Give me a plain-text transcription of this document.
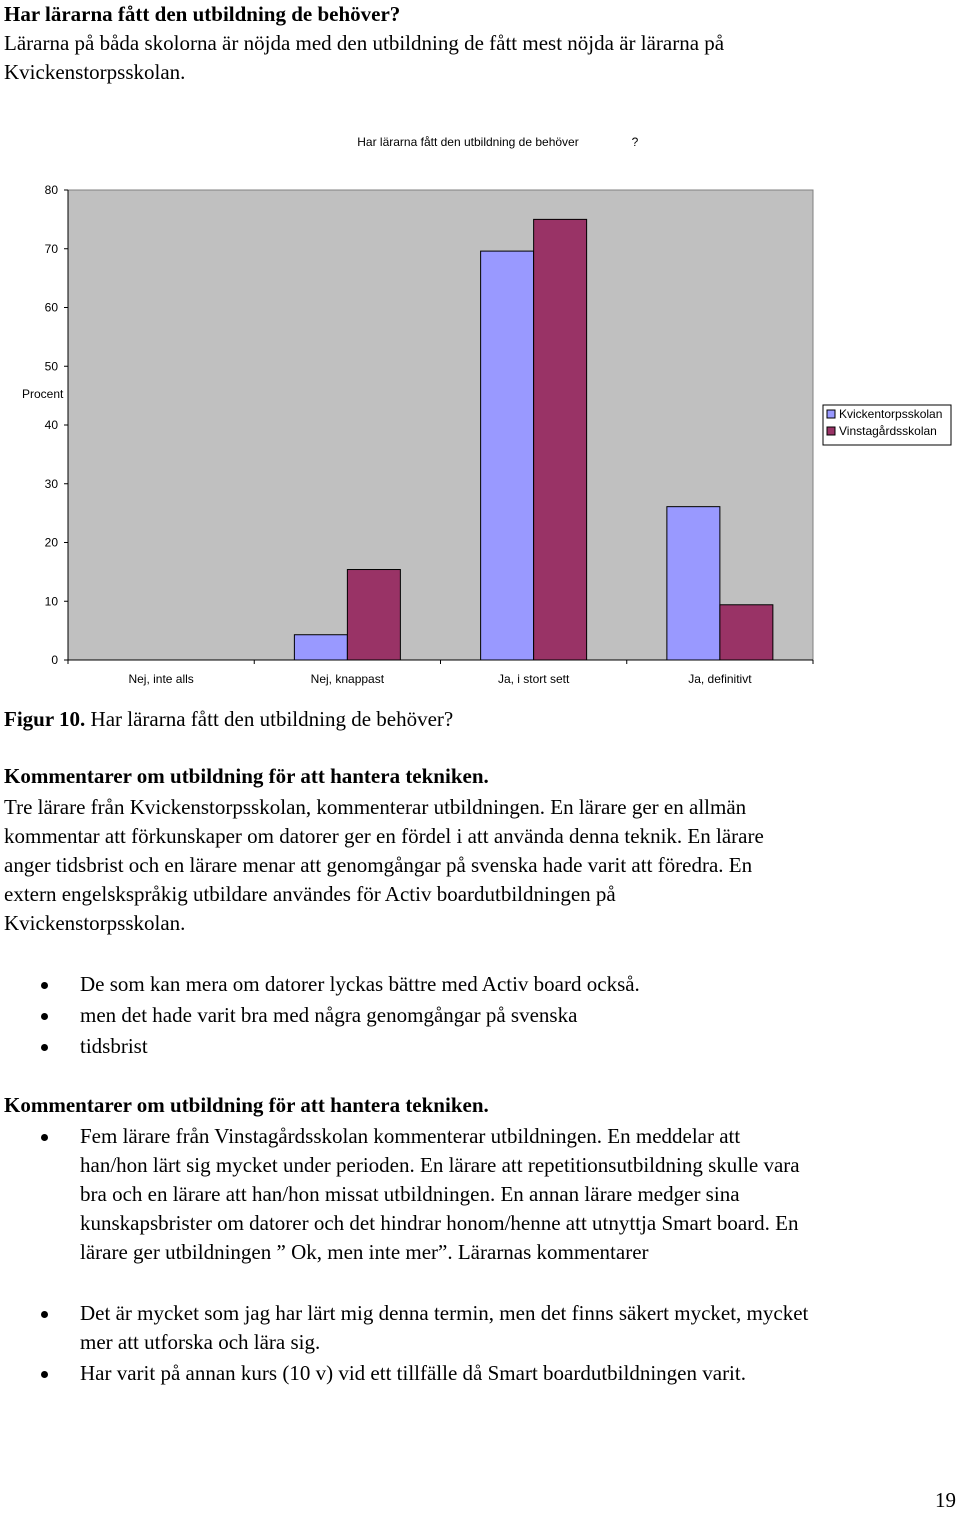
Har lärarna fått den utbildning de behöver?
Lärarna på båda skolorna är nöjda med den utbildning de fått mest nöjda är lärarna på
Kvickenstorpsskolan.
Har lärarna fått den utbildning de behöver	?
0
10
20
30
40
50
60
70
80
Nej, inte alls	Nej, knappast	Ja, i stort sett	Ja, definitivt
Procent
Kvickentorpsskolan
Vinstagårdsskolan
Figur 10. Har lärarna fått den utbildning de behöver?
Kommentarer om utbildning för att hantera tekniken.
Tre lärare från Kvickenstorpsskolan, kommenterar utbildningen. En lärare ger en allmän
kommentar att förkunskaper om datorer ger en fördel i att använda denna teknik. En lärare
anger tidsbrist och en lärare menar att genomgångar på svenska hade varit att föredra. En
extern engelskspråkig utbildare användes för Activ boardutbildningen på
Kvickenstorpsskolan.
De som kan mera om datorer lyckas bättre med Activ board också.
men det hade varit bra med några genomgångar på svenska
tidsbrist
Kommentarer om utbildning för att hantera tekniken.
Fem lärare från Vinstagårdsskolan kommenterar utbildningen. En meddelar att
han/hon lärt sig mycket under perioden. En lärare att repetitionsutbildning skulle vara
bra och en lärare att han/hon missat utbildningen. En annan lärare medger sina
kunskapsbrister om datorer och det hindrar honom/henne att utnyttja Smart board. En
lärare ger utbildningen ” Ok, men inte mer”. Lärarnas kommentarer
Det är mycket som jag har lärt mig denna termin, men det finns säkert mycket, mycket
mer att utforska och lära sig.
Har varit på annan kurs (10 v) vid ett tillfälle då Smart boardutbildningen varit.
19
